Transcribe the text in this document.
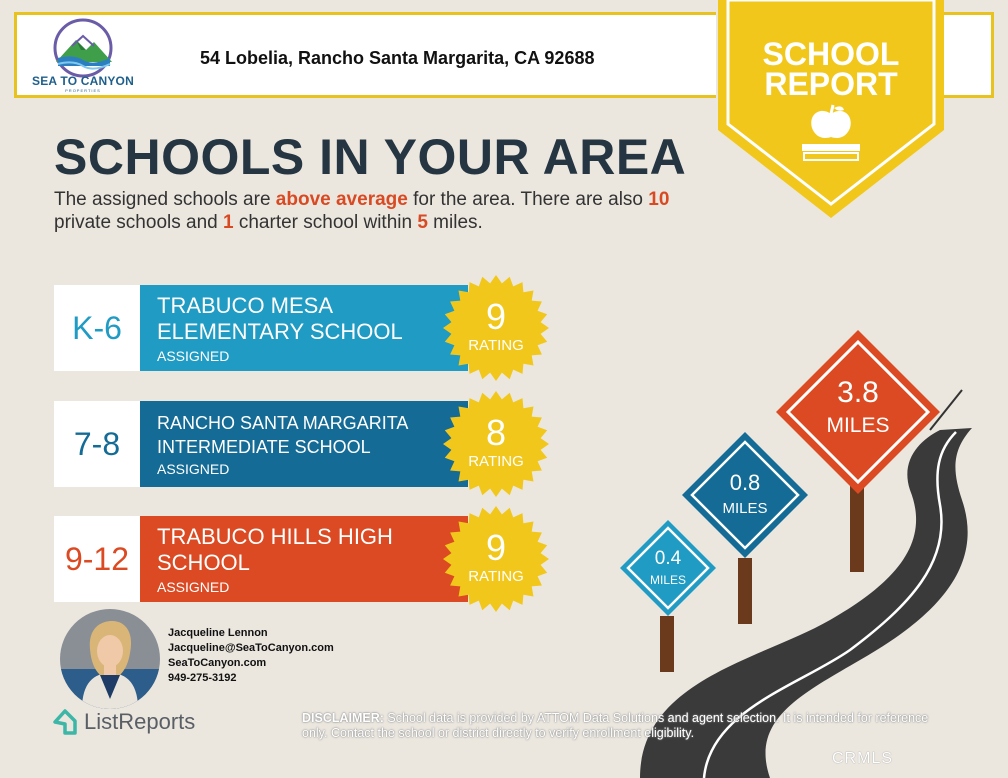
SEA TO CANYON
PROPERTIES
54 Lobelia, Rancho Santa Margarita, CA 92688	SCHOOL
REPORT
SCHOOLS IN YOUR AREA
The assigned schools are above average for the area. There are also 10 private schools and 1 charter school within 5 miles.
K-6
TRABUCO MESA
ELEMENTARY SCHOOL
ASSIGNED
9
RATING
7-8
RANCHO SANTA MARGARITA
INTERMEDIATE SCHOOL
ASSIGNED
8
RATING
9-12
TRABUCO HILLS HIGH
SCHOOL
ASSIGNED
9
RATING
0.4
MILES
0.8
MILES
3.8
MILES
Jacqueline Lennon
Jacqueline@SeaToCanyon.com
SeaToCanyon.com
949-275-3192
ListReports	DISCLAIMER: School data is provided by ATTOM Data Solutions and agent selection. It is intended for reference only. Contact the school or district directly to verify enrollment eligibility.
CRMLS
